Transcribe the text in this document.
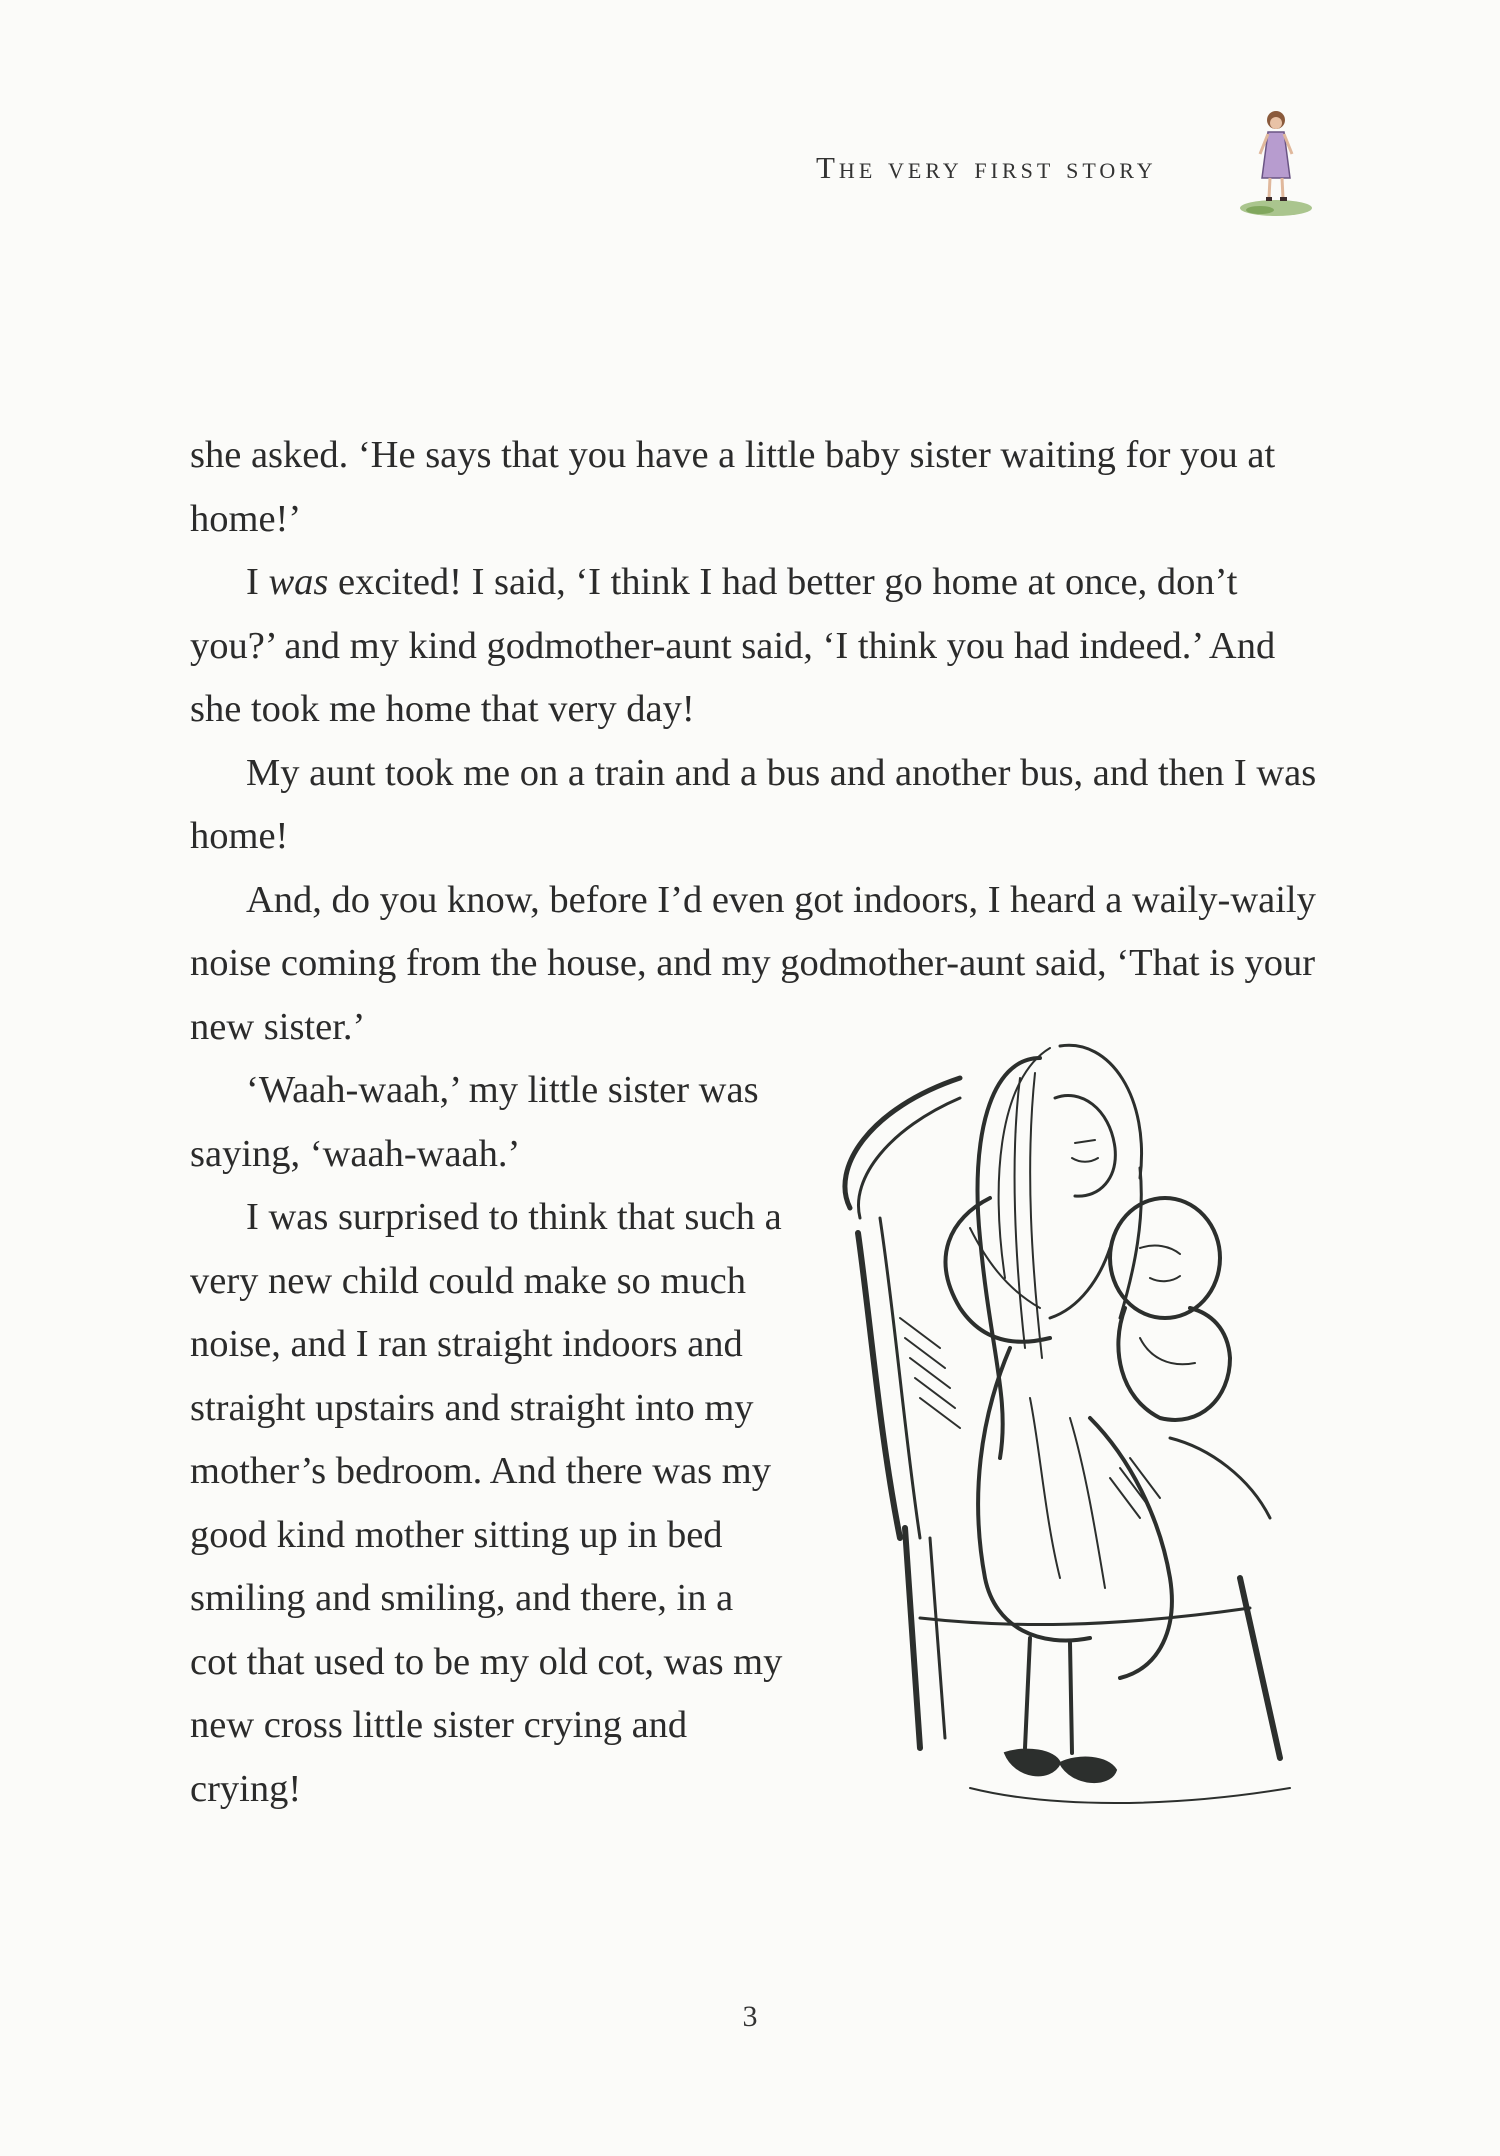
The very first story

she asked. ‘He says that you have a little baby sister waiting for you at home!’

I was excited! I said, ‘I think I had better go home at once, don’t you?’ and my kind godmother-aunt said, ‘I think you had indeed.’ And she took me home that very day!

My aunt took me on a train and a bus and another bus, and then I was home!

And, do you know, before I’d even got indoors, I heard a waily-waily noise coming from the house, and my godmother-aunt said, ‘That is your new sister.’

‘Waah-waah,’ my little sister was saying, ‘waah-waah.’

I was surprised to think that such a very new child could make so much noise, and I ran straight indoors and straight upstairs and straight into my mother’s bedroom. And there was my good kind mother sitting up in bed smiling and smiling, and there, in a cot that used to be my old cot, was my new cross little sister crying and crying!

3
